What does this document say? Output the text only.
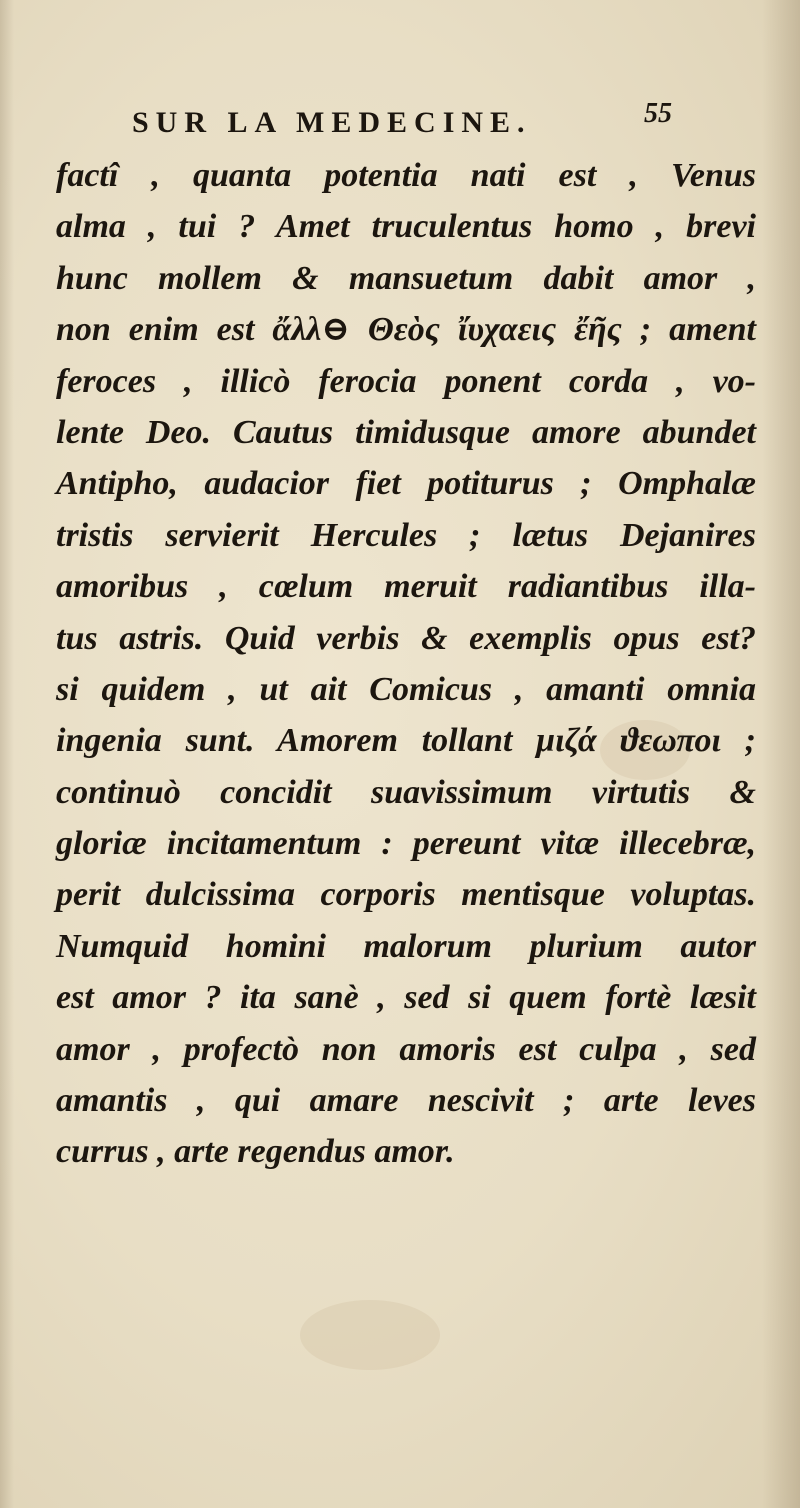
SUR LA MEDECINE.	55
factî , quanta potentia nati est , Venus
alma , tui ? Amet truculentus homo , brevi
hunc mollem & mansuetum dabit amor ,
non enim est ἄλλ⊖ Θεὸς ἴυχαεις ἔῆς ; ament
feroces , illicò ferocia ponent corda , vo-
lente Deo. Cautus timidusque amore abundet
Antipho, audacior fiet potiturus ; Omphalæ
tristis servierit Hercules ; lætus Dejanires
amoribus , cœlum meruit radiantibus illa-
tus astris. Quid verbis & exemplis opus est?
si quidem , ut ait Comicus , amanti omnia
ingenia sunt. Amorem tollant μιζά ϑεωποι ;
continuò concidit suavissimum virtutis &
gloriæ incitamentum : pereunt vitæ illecebræ,
perit dulcissima corporis mentisque voluptas.
Numquid homini malorum plurium autor
est amor ? ita sanè , sed si quem fortè læsit
amor , profectò non amoris est culpa , sed
amantis , qui amare nescivit ; arte leves
currus , arte regendus amor.
